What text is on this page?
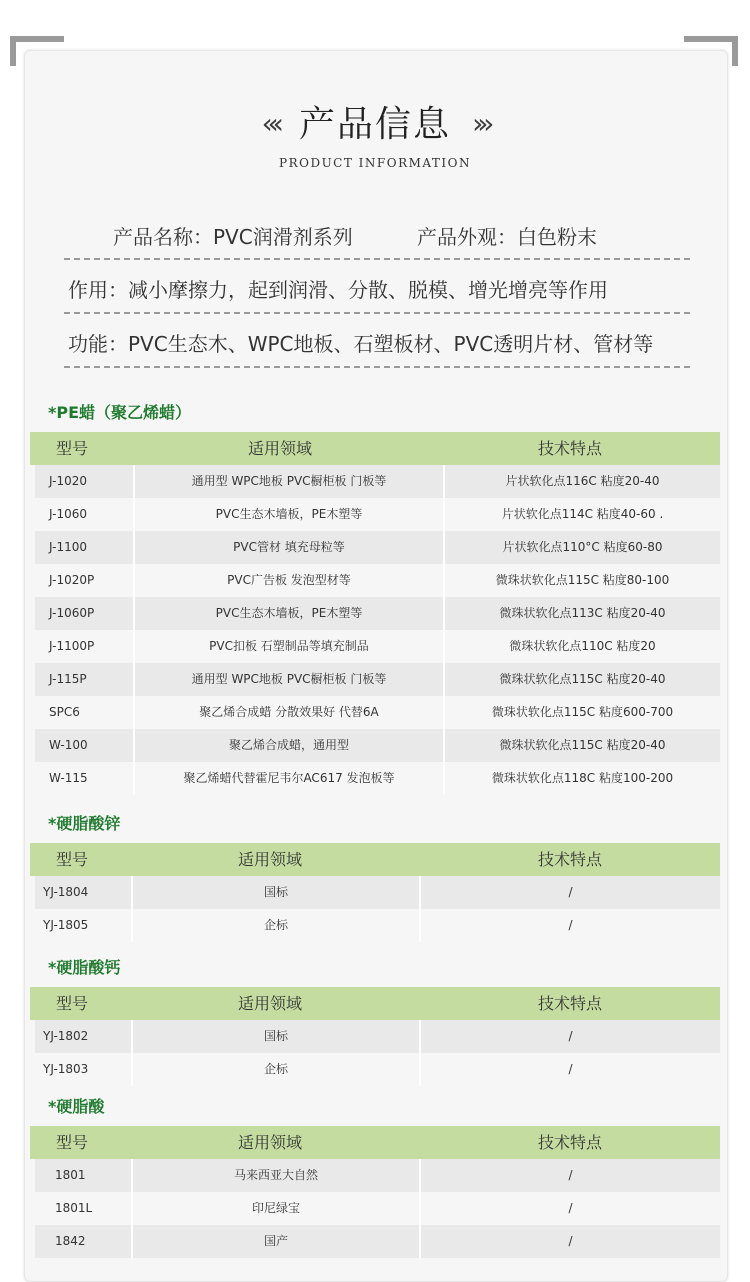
«‹ 产品信息 ›»
PRODUCT INFORMATION
产品名称：PVC润滑剂系列	产品外观：白色粉末
作用：减小摩擦力，起到润滑、分散、脱模、增光增亮等作用
功能：PVC生态木、WPC地板、石塑板材、PVC透明片材、管材等
*PE蜡（聚乙烯蜡）
型号	适用领域	技术特点
J-1020	通用型 WPC地板 PVC橱柜板 门板等	片状软化点116C 粘度20-40
J-1060	PVC生态木墙板，PE木塑等	片状软化点114C 粘度40-60 .
J-1100	PVC管材 填充母粒等	片状软化点110°C 粘度60-80
J-1020P	PVC广告板 发泡型材等	微珠状软化点115C 粘度80-100
J-1060P	PVC生态木墙板，PE木塑等	微珠状软化点113C 粘度20-40
J-1100P	PVC扣板 石塑制品等填充制品	微珠状软化点110C 粘度20
J-115P	通用型 WPC地板 PVC橱柜板 门板等	微珠状软化点115C 粘度20-40
SPC6	聚乙烯合成蜡 分散效果好 代替6A	微珠状软化点115C 粘度600-700
W-100	聚乙烯合成蜡，通用型	微珠状软化点115C 粘度20-40
W-115	聚乙烯蜡代替霍尼韦尔AC617 发泡板等	微珠状软化点118C 粘度100-200
*硬脂酸锌
型号	适用领域	技术特点
YJ-1804	国标	/
YJ-1805	企标	/
*硬脂酸钙
型号	适用领域	技术特点
YJ-1802	国标	/
YJ-1803	企标	/
*硬脂酸
型号	适用领域	技术特点
1801	马来西亚大自然	/
1801L	印尼绿宝	/
1842	国产	/
